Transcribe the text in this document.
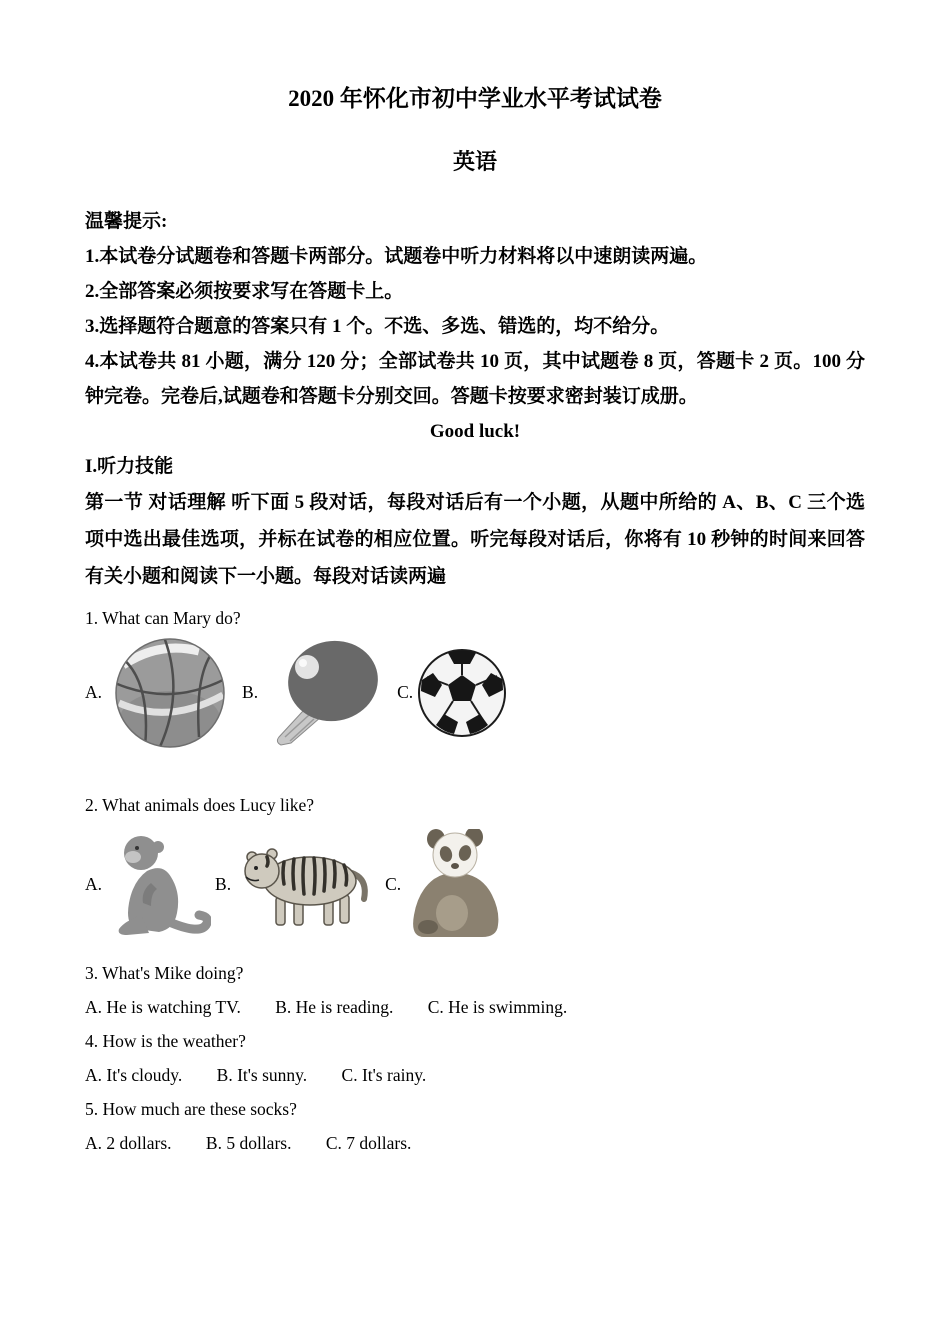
2020 年怀化市初中学业水平考试试卷
英语

温馨提示:

1.本试卷分试题卷和答题卡两部分。试题卷中听力材料将以中速朗读两遍。

2.全部答案必须按要求写在答题卡上。

3.选择题符合题意的答案只有 1 个。不选、多选、错选的，均不给分。

4.本试卷共 81 小题，满分 120 分；全部试卷共 10 页，其中试题卷 8 页，答题卡 2 页。100 分钟完卷。完卷后,试题卷和答题卡分别交回。答题卡按要求密封装订成册。

Good luck!

I.听力技能

第一节 对话理解 听下面 5 段对话，每段对话后有一个小题，从题中所给的 A、B、C 三个选项中选出最佳选项，并标在试卷的相应位置。听完每段对话后，你将有 10 秒钟的时间来回答有关小题和阅读下一小题。每段对话读两遍

1. What can Mary do?

A.	B.	C.

2. What animals does Lucy like?

A.	B.	C.

3. What's Mike doing?

A. He is watching TV. B. He is reading. C. He is swimming.

4. How is the weather?

A. It's cloudy. B. It's sunny. C. It's rainy.

5. How much are these socks?

A. 2 dollars. B. 5 dollars. C. 7 dollars.
